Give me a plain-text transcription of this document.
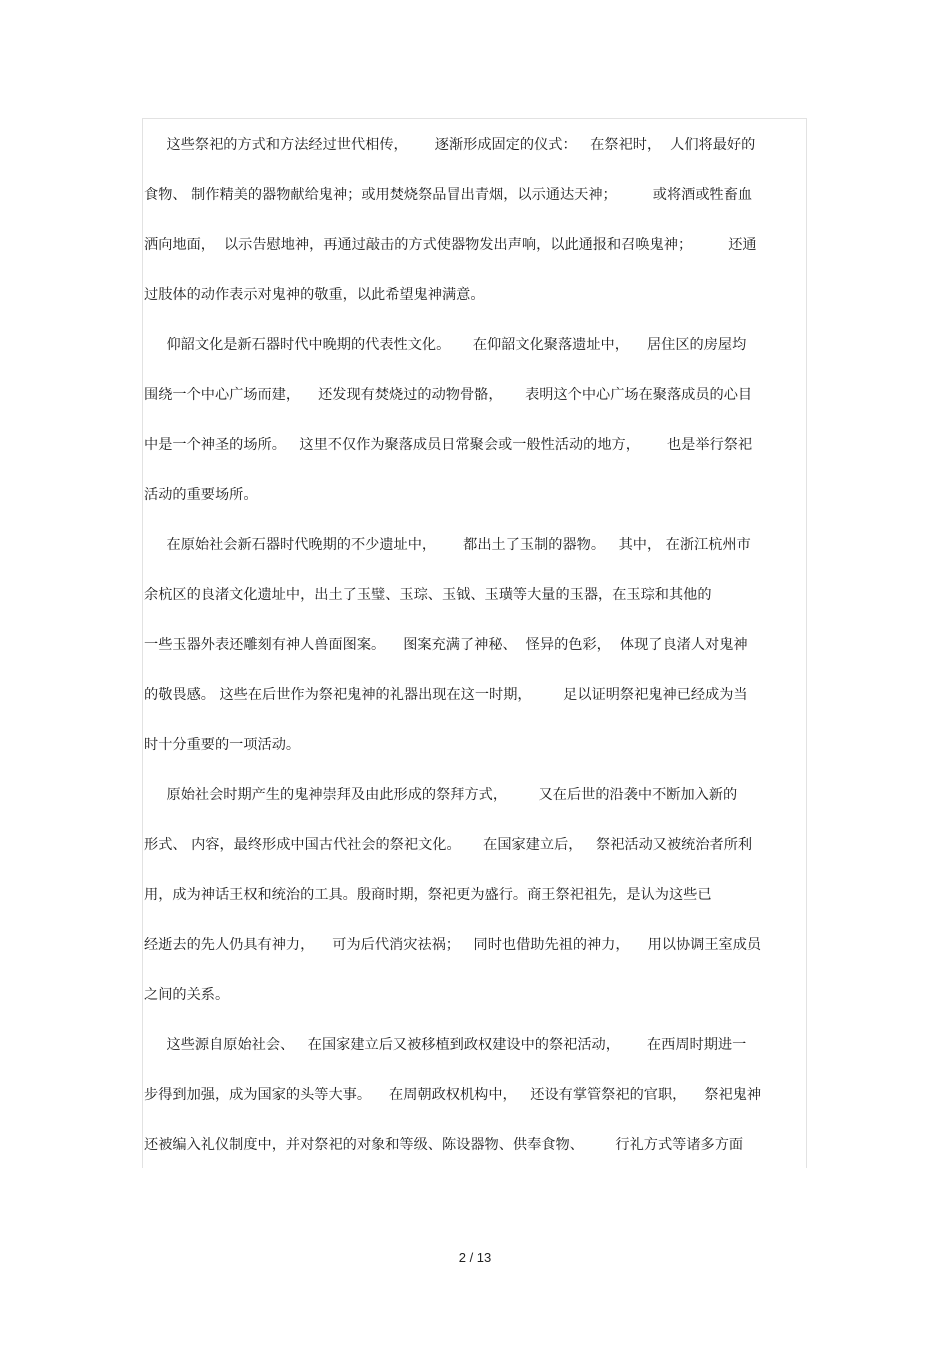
这些祭祀的方式和方法经过世代相传，      逐渐形成固定的仪式：   在祭祀时，  人们将最好的
食物、 制作精美的器物献给鬼神；或用焚烧祭品冒出青烟，以示通达天神；        或将酒或牲畜血
洒向地面，  以示告慰地神，再通过敲击的方式使器物发出声响，以此通报和召唤鬼神；        还通
过肢体的动作表示对鬼神的敬重，以此希望鬼神满意。
仰韶文化是新石器时代中晚期的代表性文化。     在仰韶文化聚落遗址中，    居住区的房屋均
围绕一个中心广场而建，    还发现有焚烧过的动物骨骼，     表明这个中心广场在聚落成员的心目
中是一个神圣的场所。   这里不仅作为聚落成员日常聚会或一般性活动的地方，      也是举行祭祀
活动的重要场所。
在原始社会新石器时代晚期的不少遗址中，      都出土了玉制的器物。   其中， 在浙江杭州市
余杭区的良渚文化遗址中，出土了玉璧、玉琮、玉钺、玉璜等大量的玉器，在玉琮和其他的
一些玉器外表还雕刻有神人兽面图案。    图案充满了神秘、  怪异的色彩，  体现了良渚人对鬼神
的敬畏感。 这些在后世作为祭祀鬼神的礼器出现在这一时期，       足以证明祭祀鬼神已经成为当
时十分重要的一项活动。
原始社会时期产生的鬼神崇拜及由此形成的祭拜方式，       又在后世的沿袭中不断加入新的
形式、 内容，最终形成中国古代社会的祭祀文化。     在国家建立后，   祭祀活动又被统治者所利
用，成为神话王权和统治的工具。殷商时期，祭祀更为盛行。商王祭祀祖先，是认为这些已
经逝去的先人仍具有神力，    可为后代消灾祛祸；   同时也借助先祖的神力，    用以协调王室成员
之间的关系。
这些源自原始社会、   在国家建立后又被移植到政权建设中的祭祀活动，      在西周时期进一
步得到加强，成为国家的头等大事。    在周朝政权机构中，   还设有掌管祭祀的官职，    祭祀鬼神
还被编入礼仪制度中，并对祭祀的对象和等级、陈设器物、供奉食物、       行礼方式等诸多方面
2 / 13
